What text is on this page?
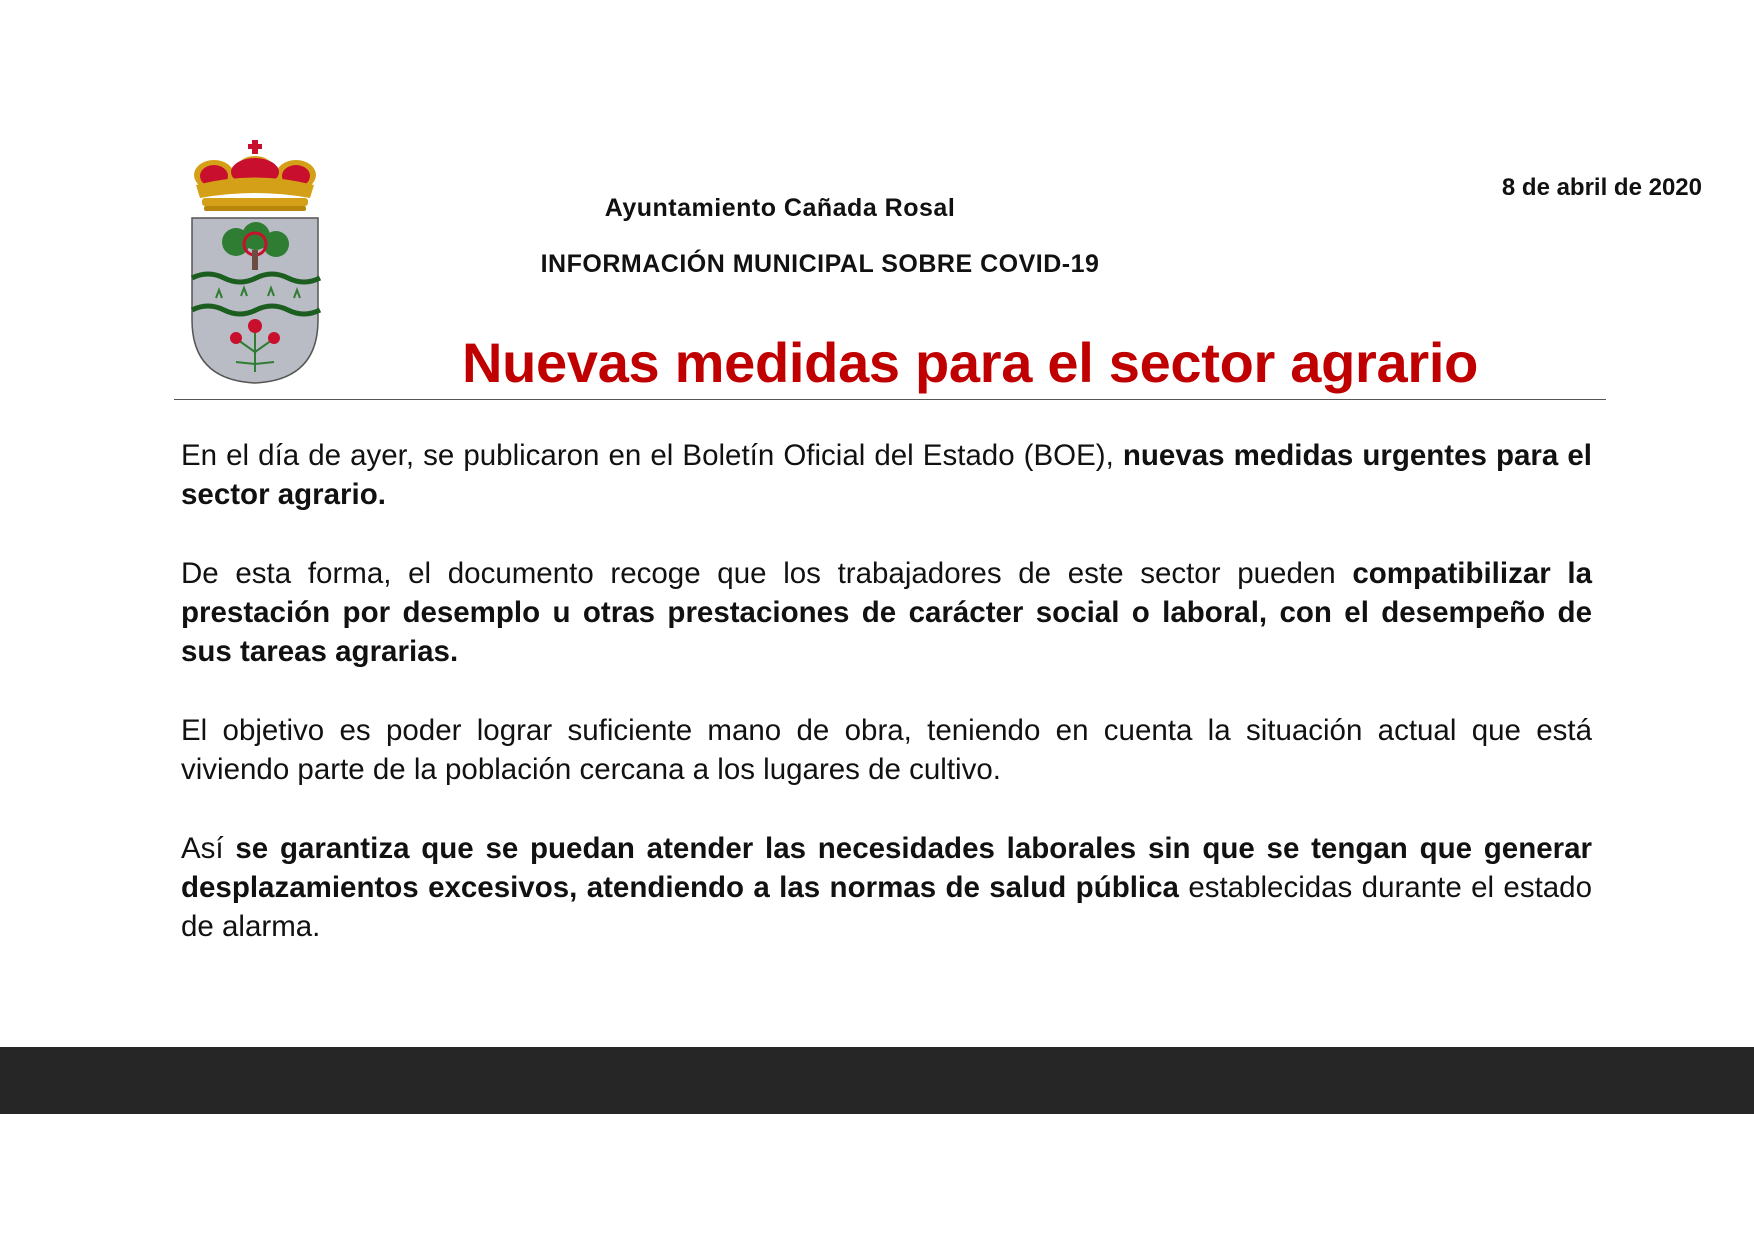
8 de abril de 2020
Ayuntamiento Cañada Rosal
INFORMACIÓN MUNICIPAL SOBRE COVID-19
Nuevas medidas para el sector agrario

En el día de ayer, se publicaron en el Boletín Oficial del Estado (BOE), nuevas medidas urgentes para el sector agrario.

De esta forma, el documento recoge que los trabajadores de este sector pueden compatibilizar la prestación por desemplo u otras prestaciones de carácter social o laboral, con el desempeño de sus tareas agrarias.

El objetivo es poder lograr suficiente mano de obra, teniendo en cuenta la situación actual que está viviendo parte de la población cercana a los lugares de cultivo.

Así se garantiza que se puedan atender las necesidades laborales sin que se tengan que generar desplazamientos excesivos, atendiendo a las normas de salud pública establecidas durante el estado de alarma.
